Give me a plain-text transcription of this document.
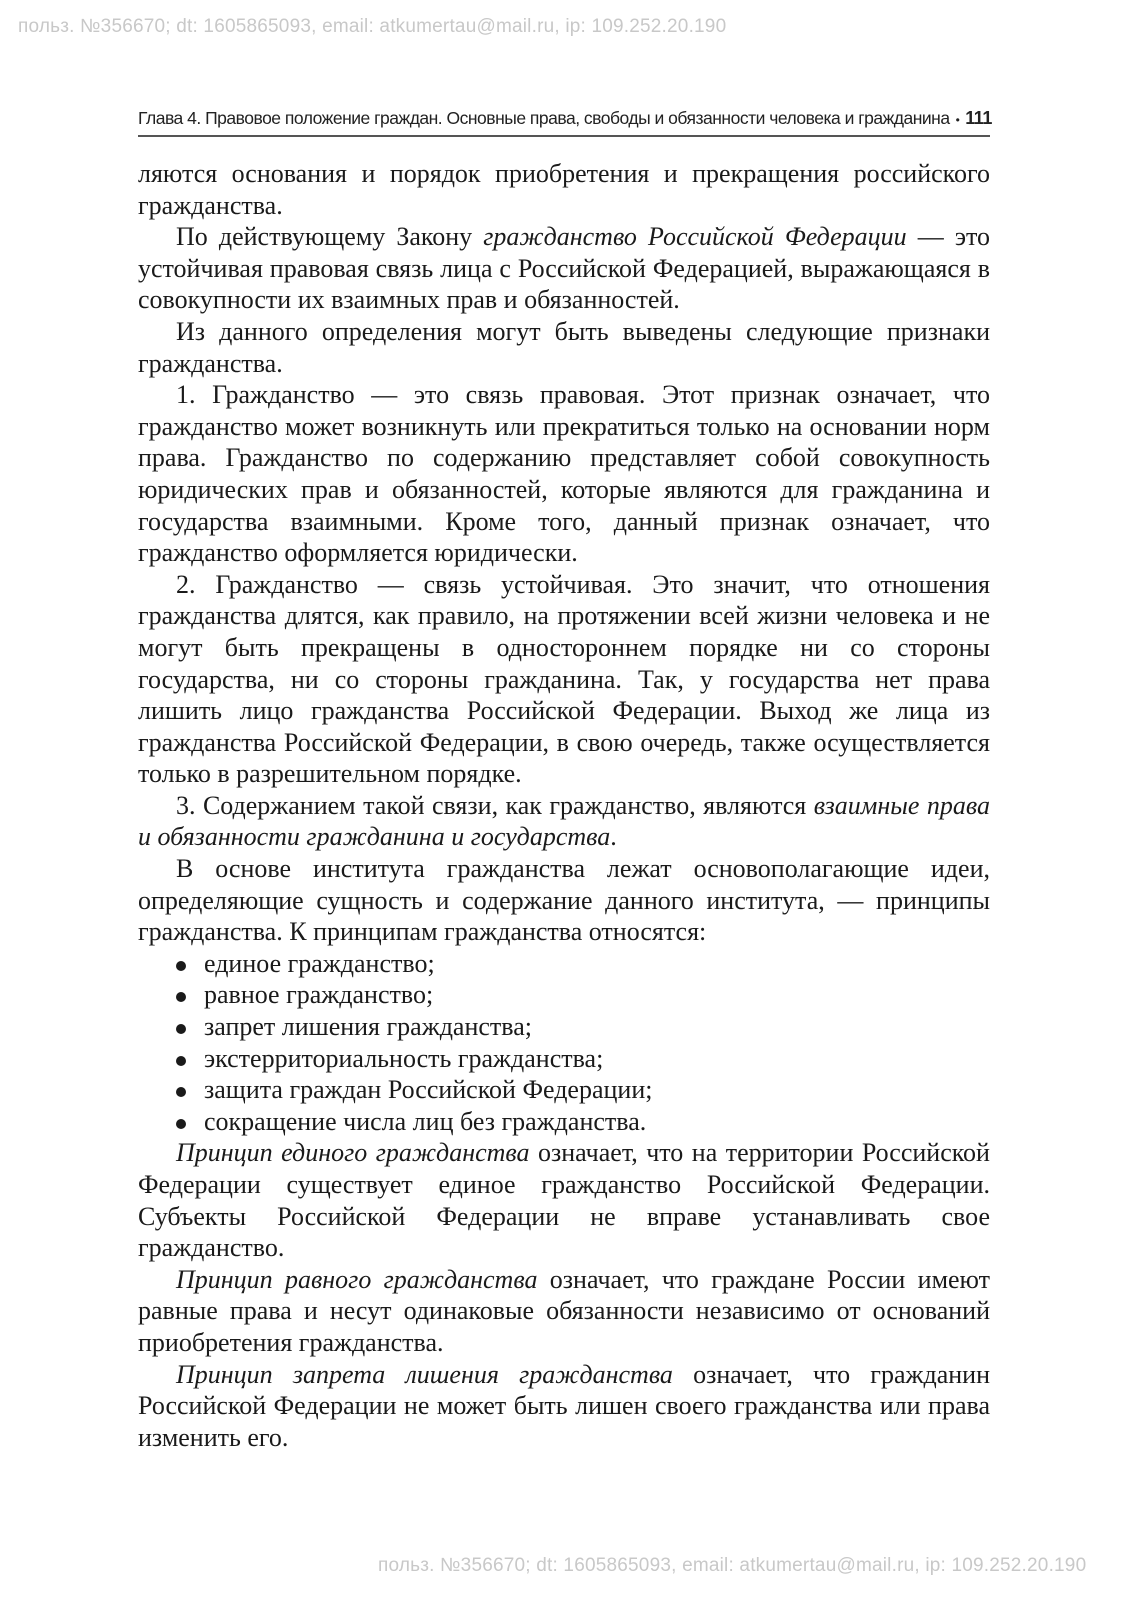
польз. №356670; dt: 1605865093, email: atkumertau@mail.ru, ip: 109.252.20.190
Глава 4. Правовое положение граждан. Основные права, свободы и обязанности человека и гражданина • 111

ляются основания и порядок приобретения и прекращения российского гражданства.

По действующему Закону гражданство Российской Федерации — это устойчивая правовая связь лица с Российской Федерацией, выражающаяся в совокупности их взаимных прав и обязанностей.

Из данного определения могут быть выведены следующие признаки гражданства.

1. Гражданство — это связь правовая. Этот признак означает, что гражданство может возникнуть или прекратиться только на основании норм права. Гражданство по содержанию представляет собой совокупность юридических прав и обязанностей, которые являются для гражданина и государства взаимными. Кроме того, данный признак означает, что гражданство оформляется юридически.

2. Гражданство — связь устойчивая. Это значит, что отношения гражданства длятся, как правило, на протяжении всей жизни человека и не могут быть прекращены в одностороннем порядке ни со стороны государства, ни со стороны гражданина. Так, у государства нет права лишить лицо гражданства Российской Федерации. Выход же лица из гражданства Российской Федерации, в свою очередь, также осуществляется только в разрешительном порядке.

3. Содержанием такой связи, как гражданство, являются взаимные права и обязанности гражданина и государства.

В основе института гражданства лежат основополагающие идеи, определяющие сущность и содержание данного института, — принципы гражданства. К принципам гражданства относятся:

единое гражданство;
равное гражданство;
запрет лишения гражданства;
экстерриториальность гражданства;
защита граждан Российской Федерации;
сокращение числа лиц без гражданства.

Принцип единого гражданства означает, что на территории Российской Федерации существует единое гражданство Российской Федерации. Субъекты Российской Федерации не вправе устанавливать свое гражданство.

Принцип равного гражданства означает, что граждане России имеют равные права и несут одинаковые обязанности независимо от оснований приобретения гражданства.

Принцип запрета лишения гражданства означает, что гражданин Российской Федерации не может быть лишен своего гражданства или права изменить его.

польз. №356670; dt: 1605865093, email: atkumertau@mail.ru, ip: 109.252.20.190
